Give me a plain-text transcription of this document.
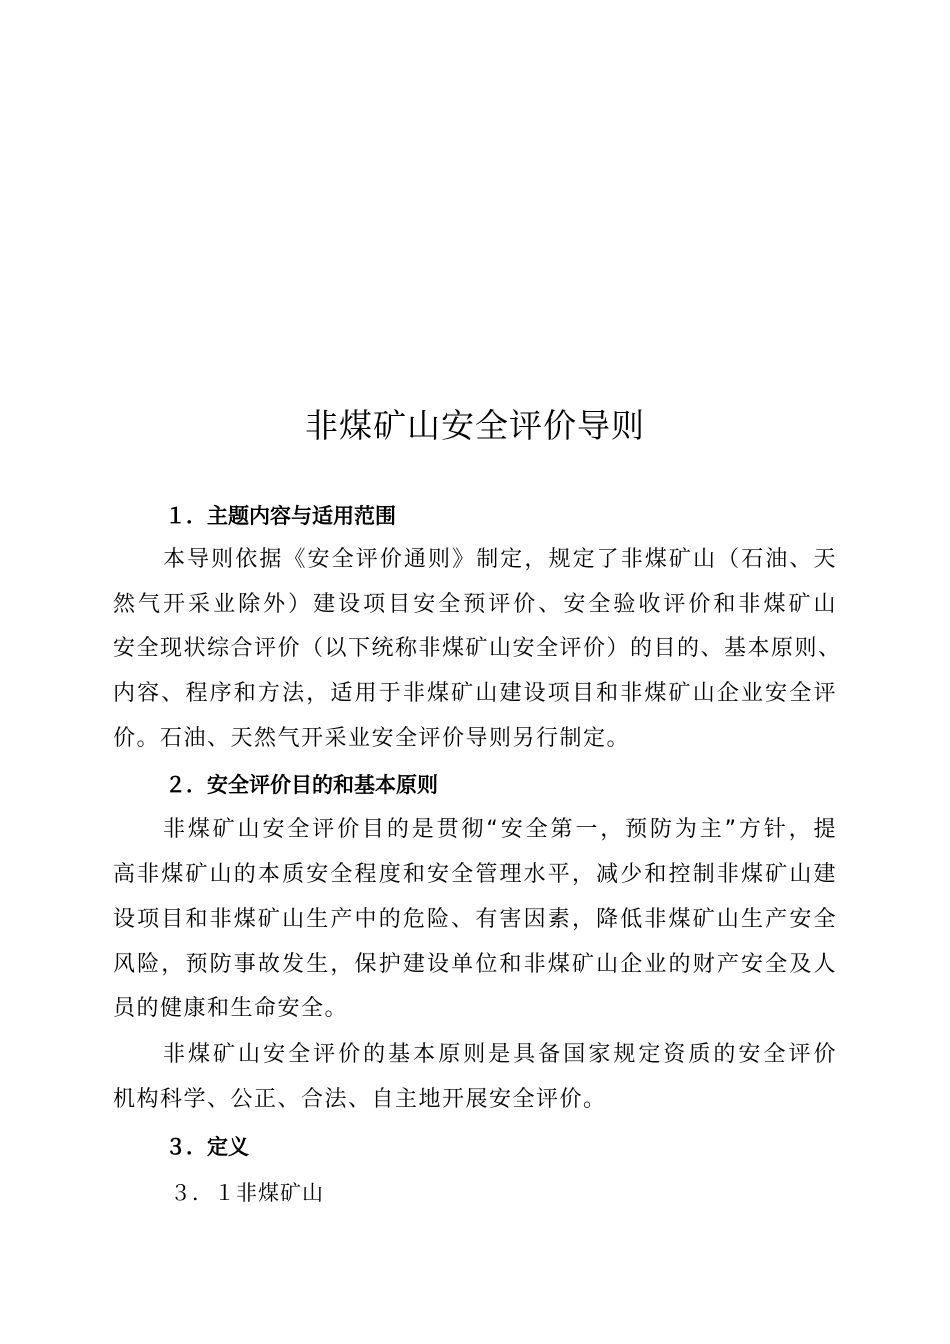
非煤矿山安全评价导则
１．主题内容与适用范围
本导则依据《安全评价通则》制定，规定了非煤矿山（石油、天
然气开采业除外）建设项目安全预评价、安全验收评价和非煤矿山
安全现状综合评价（以下统称非煤矿山安全评价）的目的、基本原则、
内容、程序和方法，适用于非煤矿山建设项目和非煤矿山企业安全评
价。石油、天然气开采业安全评价导则另行制定。
２．安全评价目的和基本原则
非煤矿山安全评价目的是贯彻“安全第一，预防为主”方针，提
高非煤矿山的本质安全程度和安全管理水平，减少和控制非煤矿山建
设项目和非煤矿山生产中的危险、有害因素，降低非煤矿山生产安全
风险，预防事故发生，保护建设单位和非煤矿山企业的财产安全及人
员的健康和生命安全。
非煤矿山安全评价的基本原则是具备国家规定资质的安全评价
机构科学、公正、合法、自主地开展安全评价。
３．定义
３．１非煤矿山
